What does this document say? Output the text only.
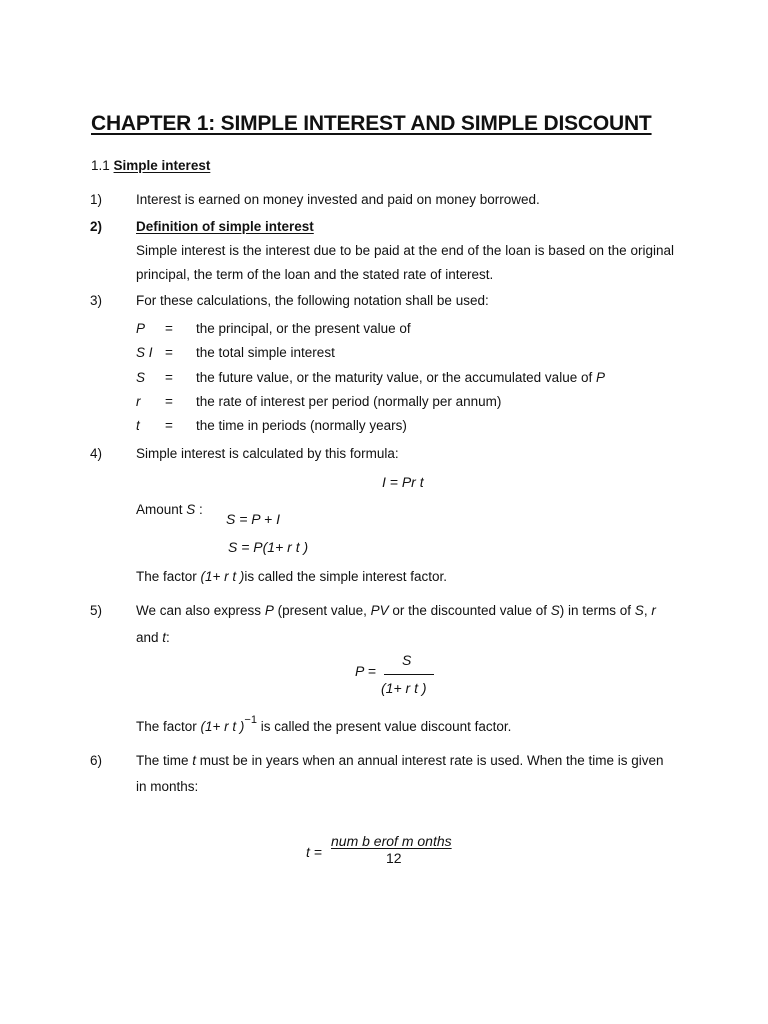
CHAPTER 1: SIMPLE INTEREST AND SIMPLE DISCOUNT
1.1 Simple interest
1)	Interest is earned on money invested and paid on money borrowed.
2)	Definition of simple interest
Simple interest is the interest due to be paid at the end of the loan is based on the original principal, the term of the loan and the stated rate of interest.
3)	For these calculations, the following notation shall be used:
P = the principal, or the present value of
S I = the total simple interest
S = the future value, or the maturity value, or the accumulated value of P
r = the rate of interest per period (normally per annum)
t = the time in periods (normally years)
4)	Simple interest is calculated by this formula:
I = Pr t
Amount S :
S = P + I
S = P(1+ r t )
The factor (1+ r t )is called the simple interest factor.
5)	We can also express P (present value, PV or the discounted value of S) in terms of S, r
and t:
P =
S
(1+ r t )
The factor (1+ r t )$^{-1}$ is called the present value discount factor.
6)	The time t must be in years when an annual interest rate is used. When the time is given
in months:
t =
num b erof m onths
12
